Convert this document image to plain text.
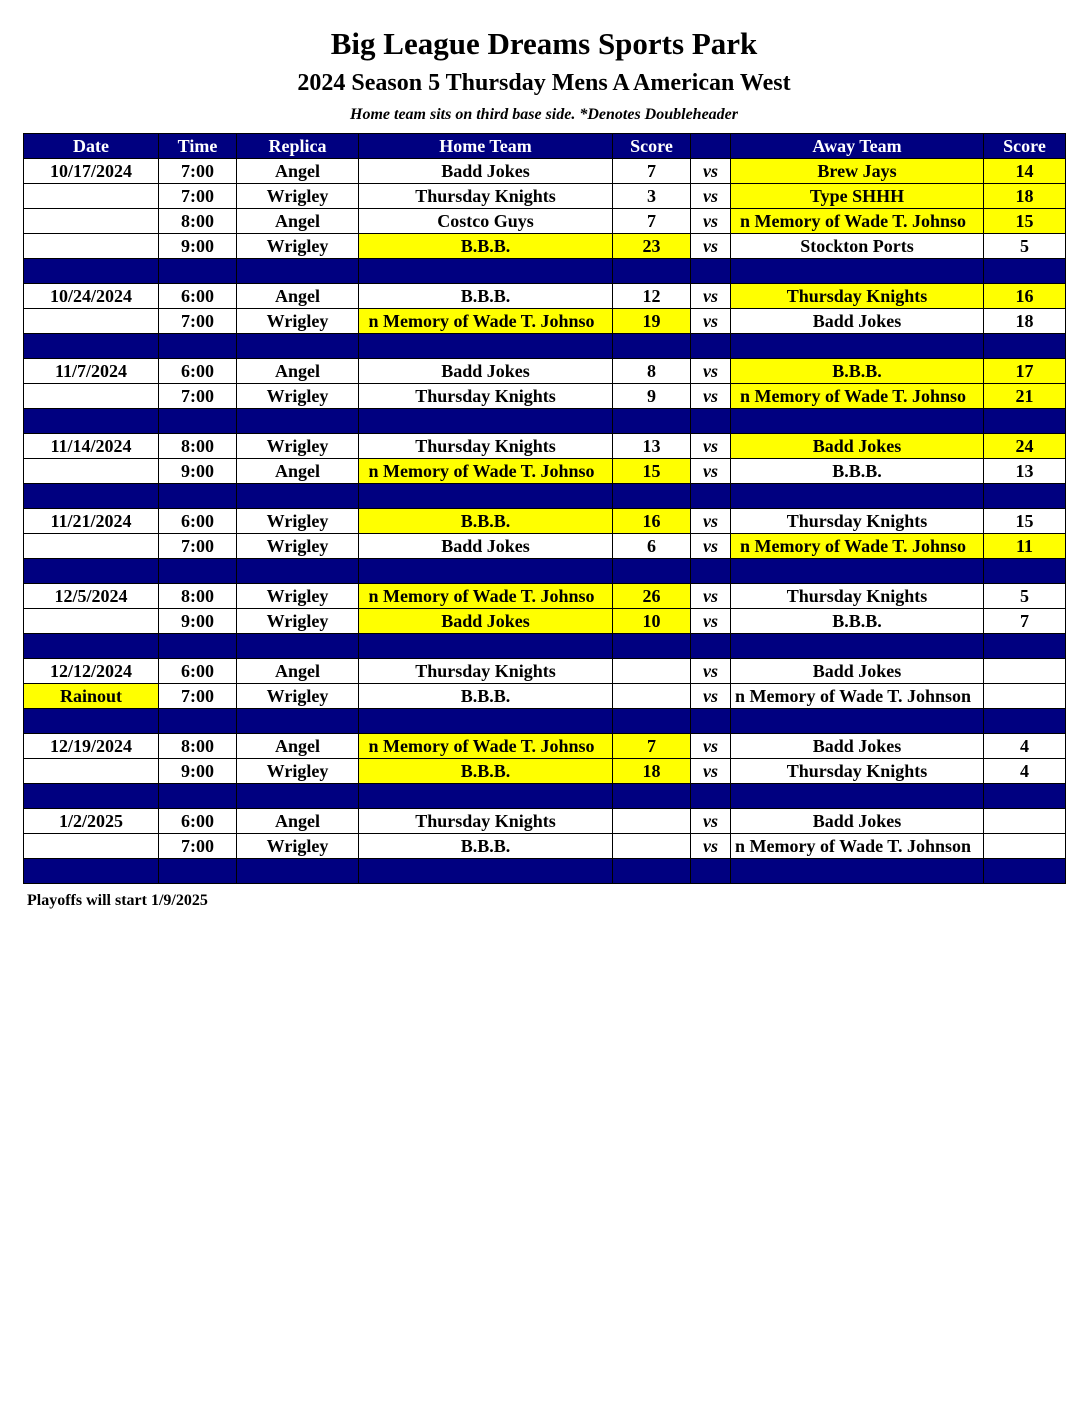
Big League Dreams Sports Park
2024 Season 5 Thursday Mens A American West
Home team sits on third base side. *Denotes Doubleheader
Date	Time	Replica	Home Team	Score		Away Team	Score
10/17/2024	7:00	Angel	Badd Jokes	7	vs	Brew Jays	14
	7:00	Wrigley	Thursday Knights	3	vs	Type SHHH	18
	8:00	Angel	Costco Guys	7	vs	n Memory of Wade T. Johnso	15
	9:00	Wrigley	B.B.B.	23	vs	Stockton Ports	5

10/24/2024	6:00	Angel	B.B.B.	12	vs	Thursday Knights	16
	7:00	Wrigley	n Memory of Wade T. Johnso	19	vs	Badd Jokes	18

11/7/2024	6:00	Angel	Badd Jokes	8	vs	B.B.B.	17
	7:00	Wrigley	Thursday Knights	9	vs	n Memory of Wade T. Johnso	21

11/14/2024	8:00	Wrigley	Thursday Knights	13	vs	Badd Jokes	24
	9:00	Angel	n Memory of Wade T. Johnso	15	vs	B.B.B.	13

11/21/2024	6:00	Wrigley	B.B.B.	16	vs	Thursday Knights	15
	7:00	Wrigley	Badd Jokes	6	vs	n Memory of Wade T. Johnso	11

12/5/2024	8:00	Wrigley	n Memory of Wade T. Johnso	26	vs	Thursday Knights	5
	9:00	Wrigley	Badd Jokes	10	vs	B.B.B.	7

12/12/2024	6:00	Angel	Thursday Knights		vs	Badd Jokes	
Rainout	7:00	Wrigley	B.B.B.		vs	n Memory of Wade T. Johnson	

12/19/2024	8:00	Angel	n Memory of Wade T. Johnso	7	vs	Badd Jokes	4
	9:00	Wrigley	B.B.B.	18	vs	Thursday Knights	4

1/2/2025	6:00	Angel	Thursday Knights		vs	Badd Jokes	
	7:00	Wrigley	B.B.B.		vs	n Memory of Wade T. Johnson	

Playoffs will start 1/9/2025
